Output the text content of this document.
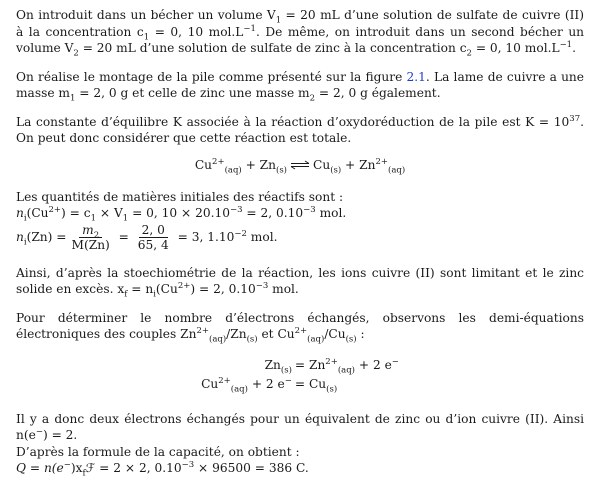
On introduit dans un bécher un volume $V_1 = 20$ mL d’une solution de sulfate de cuivre (II) à la concentration $c_1 = 0$, 10 $mol.L^{-1}$. De même, on introduit dans un second bécher un volume $V_2 = 20$ mL d’une solution de sulfate de zinc à la concentration $c_2 = 0$, 10 $mol.L^{-1}$.

On réalise le montage de la pile comme présenté sur la figure 2.1. La lame de cuivre a une masse $m_1 = 2$, 0 g et celle de zinc une masse $m_2 = 2$, 0 g également.

La constante d’équilibre K associée à la réaction d’oxydoréduction de la pile est $K = 10^{37}$. On peut donc considérer que cette réaction est totale.

$Cu^{2+}_{(aq)} + Zn_{(s)}$ ⇌ $Cu_{(s)} + Zn^{2+}_{(aq)}$

Les quantités de matières initiales des réactifs sont :

$n_i(Cu^{2+}) = c_1 \times V_1 = 0$, $10 \times 20.10^{-3} = 2$, $0.10^{-3}$ mol.

$n_i(Zn) = \frac{m_2}{M(Zn)} = \frac{2, 0}{65, 4} = 3$, $1.10^{-2}$ mol.

Ainsi, d’après la stoechiométrie de la réaction, les ions cuivre (II) sont limitant et le zinc solide en excès. $x_f = n_i(Cu^{2+}) = 2$, $0.10^{-3}$ mol.

Pour déterminer le nombre d’électrons échangés, observons les demi-équations électroniques des couples $Zn^{2+}_{(aq)}/Zn_{(s)}$ et $Cu^{2+}_{(aq)}/Cu_{(s)}$ :

$Zn_{(s)} = Zn^{2+}_{(aq)} + 2$ e−
$Cu^{2+}_{(aq)} + 2$ $e^- = Cu_{(s)}$

Il y a donc deux électrons échangés pour un équivalent de zinc ou d’ion cuivre (II). Ainsi n(e−) = 2.

D’après la formule de la capacité, on obtient :

$Q = n(e^-)x_fℱ = 2 \times 2$, $0.10^{-3} \times 96500 = 386$ C.
